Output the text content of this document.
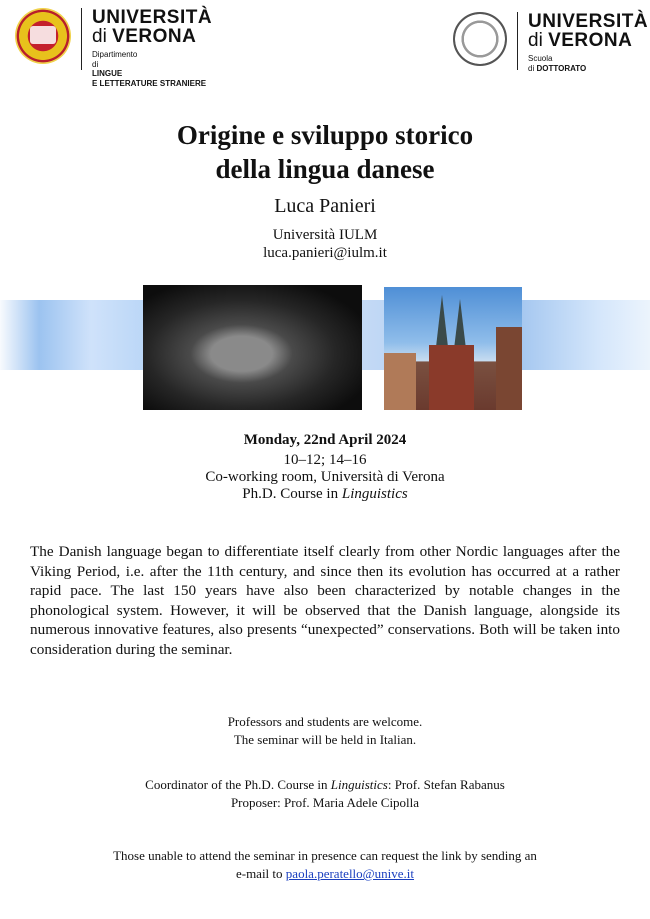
UNIVERSITÀ
di VERONA
Dipartimento
di
LINGUE
E LETTERATURE STRANIERE
UNIVERSITÀ
di VERONA
Scuola
di DOTTORATO
Origine e sviluppo storico
della lingua danese
Luca Panieri
Università IULM
luca.panieri@iulm.it
Monday, 22nd April 2024
10–12; 14–16
Co-working room, Università di Verona
Ph.D. Course in Linguistics

The Danish language began to differentiate itself clearly from other Nordic languages after the Viking Period, i.e. after the 11th century, and since then its evolution has occurred at a rather rapid pace. The last 150 years have also been characterized by notable changes in the phonological system. However, it will be observed that the Danish language, alongside its numerous innovative features, also presents “unexpected” conservations. Both will be taken into consideration during the seminar.

Professors and students are welcome.
The seminar will be held in Italian.
Coordinator of the Ph.D. Course in Linguistics: Prof. Stefan Rabanus
Proposer: Prof. Maria Adele Cipolla
Those unable to attend the seminar in presence can request the link by sending an
e-mail to paola.peratello@unive.it
